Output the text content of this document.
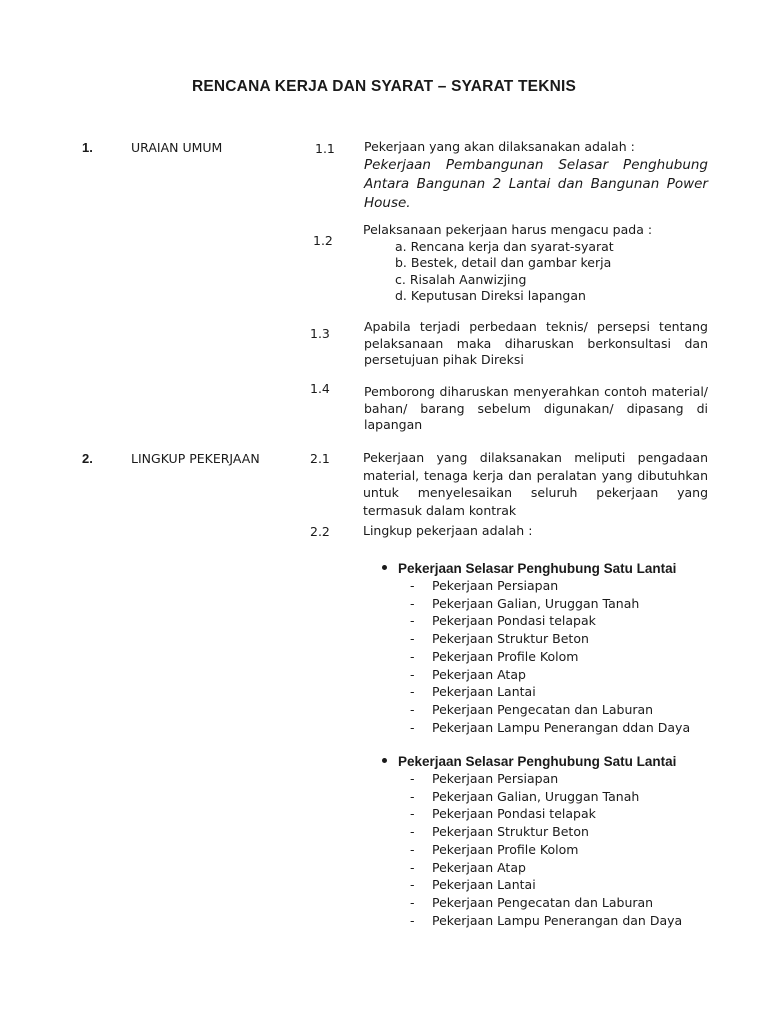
RENCANA KERJA DAN SYARAT – SYARAT TEKNIS
1.	URAIAN UMUM	1.1 Pekerjaan yang akan dilaksanakan adalah :
Pekerjaan Pembangunan Selasar Penghubung Antara Bangunan 2 Lantai dan Bangunan Power House.
1.2
Pelaksanaan pekerjaan harus mengacu pada :
a. Rencana kerja dan syarat-syarat
b. Bestek, detail dan gambar kerja
c. Risalah Aanwizjing
d. Keputusan Direksi lapangan
1.3	Apabila terjadi perbedaan teknis/ persepsi tentang pelaksanaan maka diharuskan berkonsultasi dan persetujuan pihak Direksi
1.4	Pemborong diharuskan menyerahkan contoh material/ bahan/ barang sebelum digunakan/ dipasang di lapangan
2.	LINGKUP PEKERJAAN	2.1	Pekerjaan yang dilaksanakan meliputi pengadaan material, tenaga kerja dan peralatan yang dibutuhkan untuk menyelesaikan seluruh pekerjaan yang termasuk dalam kontrak
2.2	Lingkup pekerjaan adalah :
Pekerjaan Selasar Penghubung Satu Lantai
- Pekerjaan Persiapan
- Pekerjaan Galian, Uruggan Tanah
- Pekerjaan Pondasi telapak
- Pekerjaan Struktur Beton
- Pekerjaan Profile Kolom
- Pekerjaan Atap
- Pekerjaan Lantai
- Pekerjaan Pengecatan dan Laburan
- Pekerjaan Lampu Penerangan ddan Daya
Pekerjaan Selasar Penghubung Satu Lantai
- Pekerjaan Persiapan
- Pekerjaan Galian, Uruggan Tanah
- Pekerjaan Pondasi telapak
- Pekerjaan Struktur Beton
- Pekerjaan Profile Kolom
- Pekerjaan Atap
- Pekerjaan Lantai
- Pekerjaan Pengecatan dan Laburan
- Pekerjaan Lampu Penerangan dan Daya
